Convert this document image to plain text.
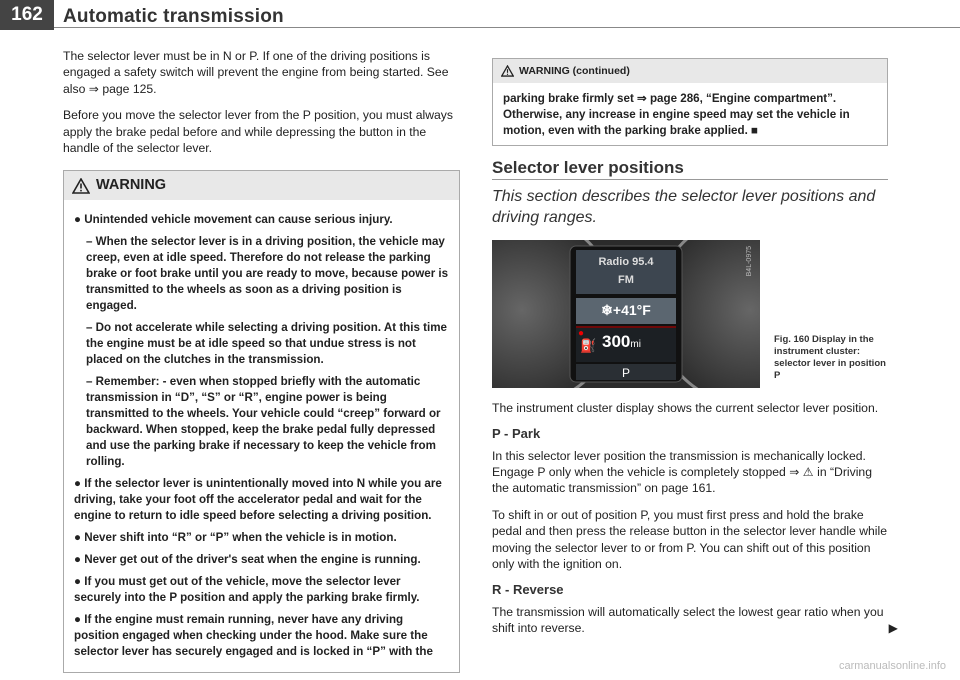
162	Automatic transmission

The selector lever must be in N or P. If one of the driving positions is engaged a safety switch will prevent the engine from being started. See also ⇒ page 125.

Before you move the selector lever from the P position, you must always apply the brake pedal before and while depressing the button in the handle of the selector lever.

WARNING
● Unintended vehicle movement can cause serious injury.
– When the selector lever is in a driving position, the vehicle may creep, even at idle speed. Therefore do not release the parking brake or foot brake until you are ready to move, because power is transmitted to the wheels as soon as a driving position is engaged.
– Do not accelerate while selecting a driving position. At this time the engine must be at idle speed so that undue stress is not placed on the clutches in the transmission.
– Remember: - even when stopped briefly with the automatic transmission in “D”, “S” or “R”, engine power is being transmitted to the wheels. Your vehicle could “creep” forward or backward. When stopped, keep the brake pedal fully depressed and use the parking brake if necessary to keep the vehicle from rolling.
● If the selector lever is unintentionally moved into N while you are driving, take your foot off the accelerator pedal and wait for the engine to return to idle speed before selecting a driving position.
● Never shift into “R” or “P” when the vehicle is in motion.
● Never get out of the driver's seat when the engine is running.
● If you must get out of the vehicle, move the selector lever securely into the P position and apply the parking brake firmly.
● If the engine must remain running, never have any driving position engaged when checking under the hood. Make sure the selector lever has securely engaged and is locked in “P” with the
WARNING (continued)
parking brake firmly set ⇒ page 286, “Engine compartment”. Otherwise, any increase in engine speed may set the vehicle in motion, even with the parking brake applied. ■
Selector lever positions
This section describes the selector lever positions and driving ranges.
Radio 95.4
FM
❄+41°F
●
⛽ 300mi
P
B4L-0975
Fig. 160 Display in the instrument cluster: selector lever in position P

The instrument cluster display shows the current selector lever position.

P - Park

In this selector lever position the transmission is mechanically locked. Engage P only when the vehicle is completely stopped ⇒ ⚠ in “Driving the automatic transmission” on page 161.

To shift in or out of position P, you must first press and hold the brake pedal and then press the release button in the selector lever handle while moving the selector lever to or from P. You can shift out of this position only with the ignition on.

R - Reverse

The transmission will automatically select the lowest gear ratio when you shift into reverse.	▶

carmanualsonline.info
